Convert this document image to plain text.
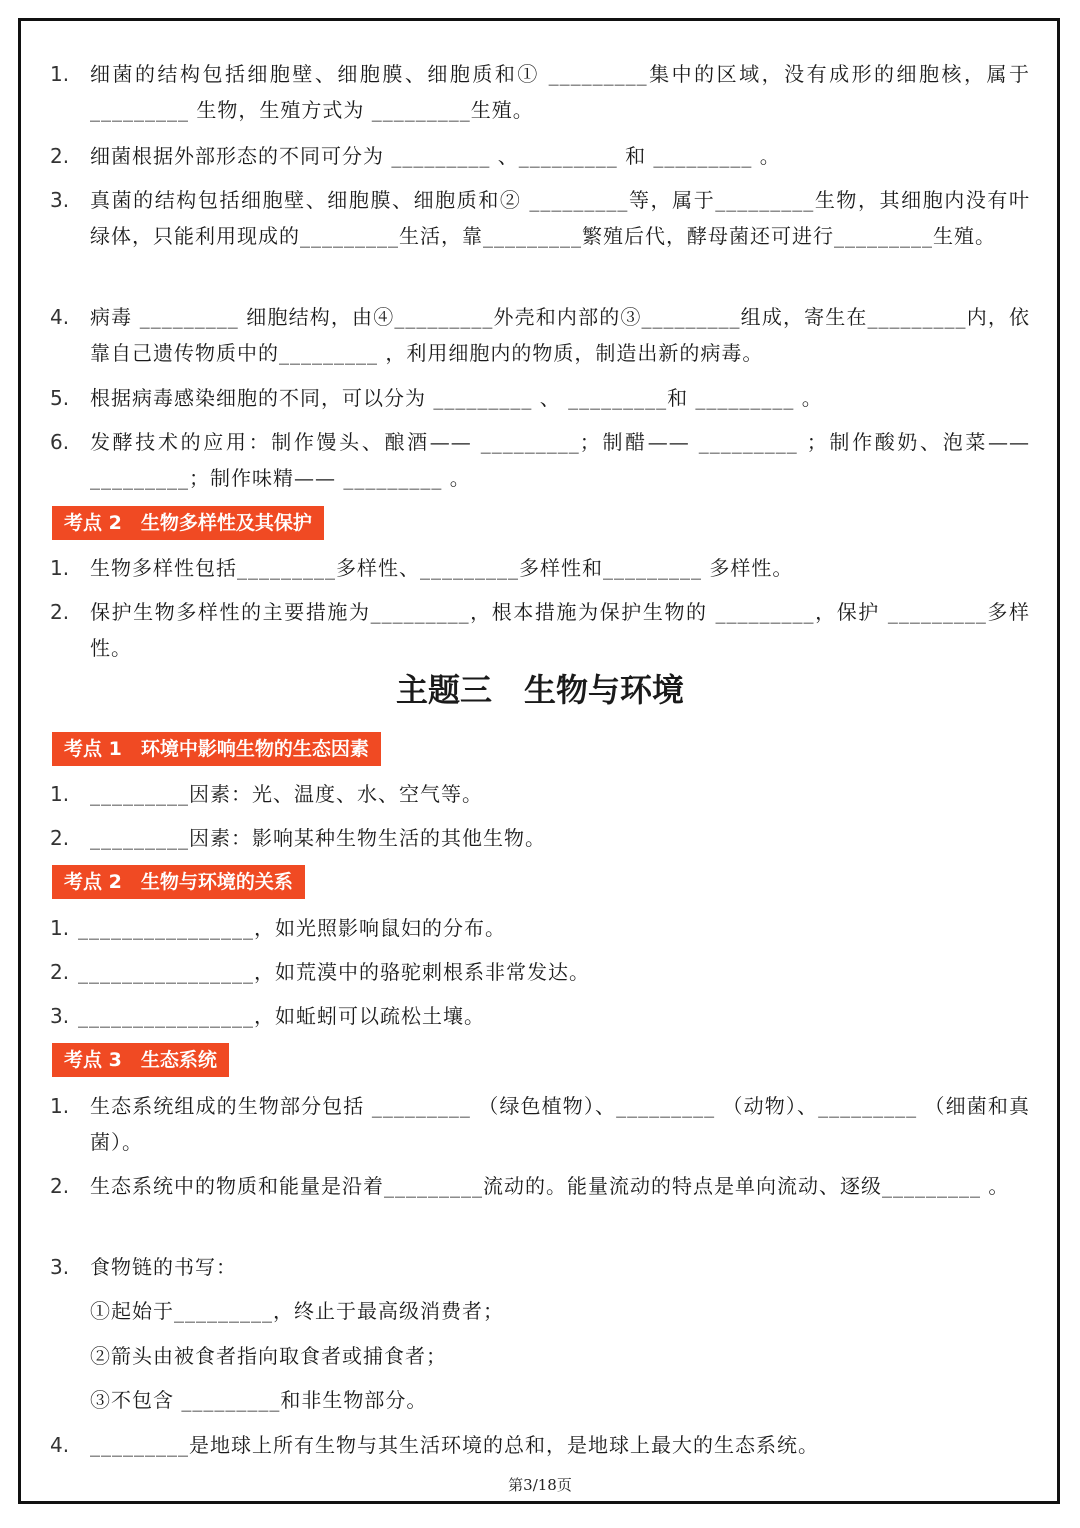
1.	细菌的结构包括细胞壁、细胞膜、细胞质和① _________集中的区域，没有成形的细胞核，属于_________ 生物，生殖方式为 _________生殖。
2.	细菌根据外部形态的不同可分为 _________ 、_________ 和 _________ 。
3.	真菌的结构包括细胞壁、细胞膜、细胞质和② _________等，属于_________生物，其细胞内没有叶绿体，只能利用现成的_________生活，靠_________繁殖后代，酵母菌还可进行_________生殖。
4.	病毒 _________ 细胞结构，由④_________外壳和内部的③_________组成，寄生在_________内，依靠自己遗传物质中的_________ ，利用细胞内的物质，制造出新的病毒。
5.	根据病毒感染细胞的不同，可以分为 _________ 、 _________和 _________ 。
6.	发酵技术的应用：制作馒头、酿酒—— _________；制醋—— _________ ；制作酸奶、泡菜——_________；制作味精—— _________ 。
考点 2　生物多样性及其保护
1.	生物多样性包括_________多样性、_________多样性和_________ 多样性。
2.	保护生物多样性的主要措施为_________，根本措施为保护生物的 _________，保护 _________多样性。
主题三　生物与环境
考点 1　环境中影响生物的生态因素
1.	_________因素：光、温度、水、空气等。
2.	_________因素：影响某种生物生活的其他生物。
考点 2　生物与环境的关系
1. ________________，如光照影响鼠妇的分布。
2. ________________，如荒漠中的骆驼刺根系非常发达。
3. ________________，如蚯蚓可以疏松土壤。
考点 3　生态系统
1.	生态系统组成的生物部分包括 _________ （绿色植物）、_________ （动物）、_________ （细菌和真菌）。
2.	生态系统中的物质和能量是沿着_________流动的。能量流动的特点是单向流动、逐级_________ 。
3.	食物链的书写：
①起始于_________，终止于最高级消费者；
②箭头由被食者指向取食者或捕食者；
③不包含 _________和非生物部分。
4.	_________是地球上所有生物与其生活环境的总和，是地球上最大的生态系统。
第3/18页
